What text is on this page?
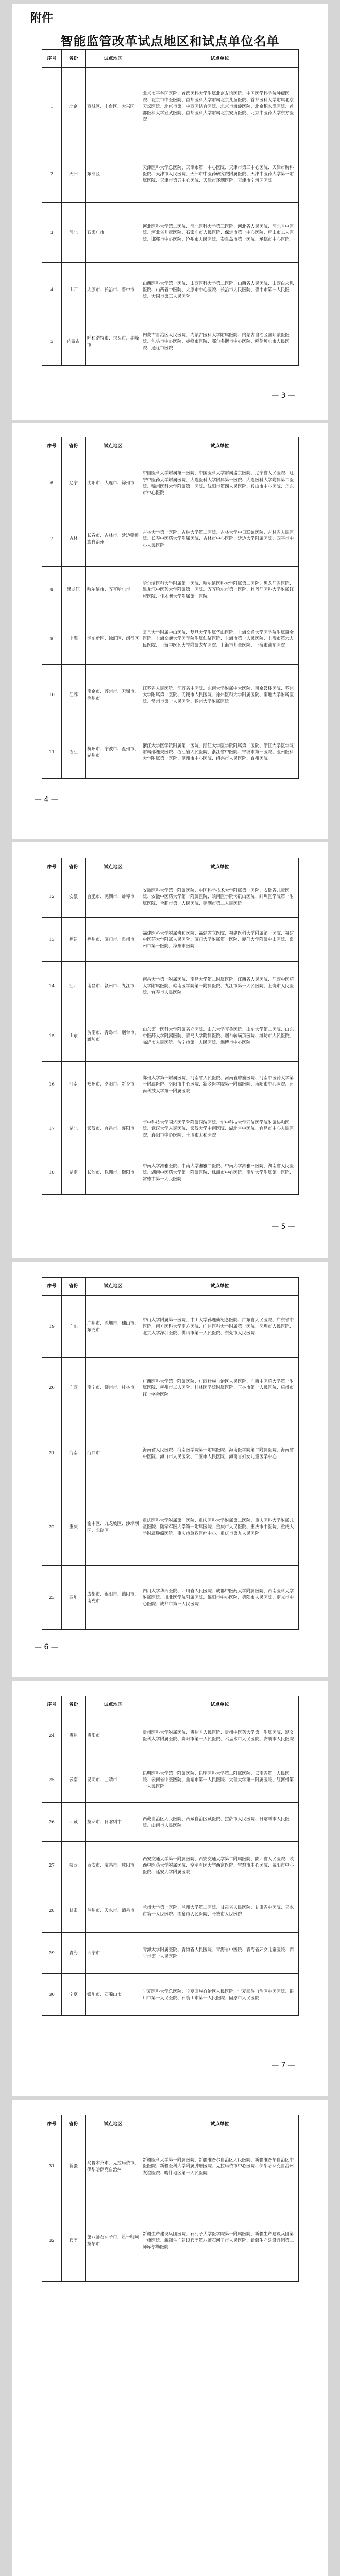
附件
智能监管改革试点地区和试点单位名单
序号	省份	试点地区	试点单位
1	北京	西城区、丰台区、大兴区	北京市平谷区医院、首都医科大学附属北京友谊医院、中国医学科学院肿瘤医院、北京市中医医院、首都医科大学附属北京儿童医院、首都医科大学附属北京天坛医院、北京市第一中西医结合医院、北京市海淀医院、北京积水潭医院、首都医科大学宣武医院、首都医科大学附属北京安贞医院、北京中医药大学东方医院
2	天津	东丽区	天津医科大学总医院、天津市第一中心医院、天津市第三中心医院、天津市胸科医院、天津市人民医院、天津市中医药研究院附属医院、天津中医药大学第一附属医院、天津市第五中心医院、天津市环湖医院、天津市宁河区医院
3	河北	石家庄市	河北医科大学第二医院、河北医科大学第三医院、河北省人民医院、河北省中医院、河北省儿童医院、石家庄市人民医院、保定市第一中心医院、唐山市工人医院、邯郸市中心医院、沧州市人民医院、秦皇岛市第一医院、承德市中心医院
4	山西	太原市、长治市、晋中市	山西医科大学第一医院、山西医科大学第二医院、山西省人民医院、山西白求恩医院、山西省中医院、太原市中心医院、长治市人民医院、晋中市第一人民医院、大同市第三人民医院
5	内蒙古	呼和浩特市、包头市、赤峰市	内蒙古自治区人民医院、内蒙古医科大学附属医院、内蒙古自治区国际蒙医医院、包头市中心医院、赤峰市医院、鄂尔多斯市中心医院、呼伦贝尔市人民医院、通辽市医院
— 3 —
序号	省份	试点地区	试点单位
6	辽宁	沈阳市、大连市、锦州市	中国医科大学附属第一医院、中国医科大学附属盛京医院、辽宁省人民医院、辽宁中医药大学附属医院、大连医科大学附属第一医院、大连医科大学附属第二医院、锦州医科大学附属第一医院、沈阳市第四人民医院、鞍山市中心医院、丹东市中心医院
7	吉林	长春市、吉林市、延边朝鲜族自治州	吉林大学第一医院、吉林大学第二医院、吉林大学中日联谊医院、吉林省人民医院、长春中医药大学附属医院、吉林市中心医院、延边大学附属医院、四平市中心人民医院
8	黑龙江	哈尔滨市、齐齐哈尔市	哈尔滨医科大学附属第一医院、哈尔滨医科大学附属第二医院、黑龙江省医院、黑龙江中医药大学附属第一医院、齐齐哈尔市第一医院、牡丹江医科大学附属红旗医院、佳木斯大学附属第一医院
9	上海	浦东新区、徐汇区、闵行区	复旦大学附属中山医院、复旦大学附属华山医院、上海交通大学医学院附属瑞金医院、上海交通大学医学院附属仁济医院、上海市第一人民医院、上海市第六人民医院、上海中医药大学附属龙华医院、上海市儿童医院、上海市浦东医院
10	江苏	南京市、苏州市、无锡市、徐州市	江苏省人民医院、江苏省中医院、东南大学附属中大医院、南京鼓楼医院、苏州大学附属第一医院、无锡市人民医院、徐州医科大学附属医院、南通大学附属医院、常州市第一人民医院、扬州大学附属医院
11	浙江	杭州市、宁波市、温州市、湖州市	浙江大学医学院附属第一医院、浙江大学医学院附属第二医院、浙江大学医学院附属邵逸夫医院、浙江省人民医院、浙江省中医院、宁波市第一医院、温州医科大学附属第一医院、湖州市中心医院、绍兴市人民医院、台州医院
— 4 —
序号	省份	试点地区	试点单位
12	安徽	合肥市、芜湖市、蚌埠市	安徽医科大学第一附属医院、中国科学技术大学附属第一医院、安徽省儿童医院、安徽中医药大学第一附属医院、皖南医学院弋矶山医院、蚌埠医学院第一附属医院、合肥市第一人民医院、芜湖市第二人民医院
13	福建	福州市、厦门市、泉州市	福建医科大学附属协和医院、福建省立医院、福建医科大学附属第一医院、福建中医药大学附属人民医院、厦门大学附属第一医院、厦门大学附属中山医院、泉州市第一医院、漳州市医院
14	江西	南昌市、赣州市、九江市	南昌大学第一附属医院、南昌大学第二附属医院、江西省人民医院、江西中医药大学附属医院、赣南医学院第一附属医院、九江市第一人民医院、上饶市人民医院、宜春市人民医院
15	山东	济南市、青岛市、烟台市、潍坊市	山东第一医科大学附属省立医院、山东大学齐鲁医院、山东大学第二医院、山东中医药大学附属医院、青岛大学附属医院、烟台毓璜顶医院、潍坊市人民医院、临沂市人民医院、济宁市第一人民医院、淄博市中心医院
16	河南	郑州市、洛阳市、新乡市	郑州大学第一附属医院、河南省人民医院、河南省肿瘤医院、河南中医药大学第一附属医院、洛阳市中心医院、新乡医学院第一附属医院、南阳市中心医院、河南科技大学第一附属医院
17	湖北	武汉市、宜昌市、襄阳市	华中科技大学同济医学院附属同济医院、华中科技大学同济医学院附属协和医院、武汉大学人民医院、武汉大学中南医院、湖北省中医院、宜昌市中心人民医院、襄阳市中心医院、十堰市太和医院
18	湖南	长沙市、株洲市、衡阳市	中南大学湘雅医院、中南大学湘雅二医院、中南大学湘雅三医院、湖南省人民医院、湖南中医药大学第一附属医院、株洲市中心医院、南华大学附属第一医院、常德市第一人民医院
— 5 —
序号	省份	试点地区	试点单位
19	广东	广州市、深圳市、佛山市、东莞市	中山大学附属第一医院、中山大学孙逸仙纪念医院、广东省人民医院、广东省中医院、南方医科大学南方医院、广州医科大学附属第一医院、深圳市人民医院、北京大学深圳医院、佛山市第一人民医院、东莞市人民医院
20	广西	南宁市、柳州市、桂林市	广西医科大学第一附属医院、广西壮族自治区人民医院、广西中医药大学第一附属医院、柳州市工人医院、桂林医学院附属医院、玉林市第一人民医院、梧州市红十字会医院
21	海南	海口市	海南省人民医院、海南医学院第一附属医院、海南医学院第二附属医院、海南省中医院、海口市人民医院、三亚市人民医院、海南省妇女儿童医学中心
22	重庆	渝中区、九龙坡区、沙坪坝区、北碚区	重庆医科大学附属第一医院、重庆医科大学附属第二医院、重庆医科大学附属儿童医院、陆军军医大学第一附属医院、重庆市人民医院、重庆市中医院、重庆大学附属肿瘤医院、重庆市急救医疗中心、重庆市第九人民医院
23	四川	成都市、绵阳市、德阳市、南充市	四川大学华西医院、四川省人民医院、成都中医药大学附属医院、西南医科大学附属医院、川北医学院附属医院、绵阳市中心医院、德阳市人民医院、南充市中心医院、成都市第三人民医院
— 6 —
序号	省份	试点地区	试点单位
24	贵州	贵阳市	贵州医科大学附属医院、贵州省人民医院、贵州中医药大学第一附属医院、遵义医科大学附属医院、贵阳市第一人民医院、六盘水市人民医院、安顺市人民医院
25	云南	昆明市、曲靖市	昆明医科大学第一附属医院、昆明医科大学第二附属医院、云南省第一人民医院、云南省中医医院、曲靖市第一人民医院、大理大学第一附属医院、红河州第一人民医院
26	西藏	拉萨市、日喀则市	西藏自治区人民医院、西藏自治区藏医院、拉萨市人民医院、日喀则市人民医院、山南市人民医院
27	陕西	西安市、宝鸡市、咸阳市	西安交通大学第一附属医院、西安交通大学第二附属医院、陕西省人民医院、陕西中医药大学附属医院、空军军医大学西京医院、宝鸡市中心医院、咸阳市中心医院、延安大学附属医院
28	甘肃	兰州市、天水市、酒泉市	兰州大学第一医院、兰州大学第二医院、甘肃省人民医院、甘肃省中医院、天水市第一人民医院、酒泉市人民医院、张掖市人民医院
29	青海	西宁市	青海大学附属医院、青海省人民医院、青海省中医院、青海省妇女儿童医院、西宁市第一人民医院
30	宁夏	银川市、石嘴山市	宁夏医科大学总医院、宁夏回族自治区人民医院、宁夏回族自治区中医医院、银川市第一人民医院、石嘴山市第一人民医院、固原市人民医院
— 7 —
序号	省份	试点地区	试点单位
31	新疆	乌鲁木齐市、克拉玛依市、伊犁哈萨克自治州	新疆医科大学第一附属医院、新疆维吾尔自治区人民医院、新疆维吾尔自治区中医医院、新疆医科大学附属肿瘤医院、克拉玛依市中心医院、伊犁哈萨克自治州友谊医院、喀什地区第一人民医院
32	兵团	第八师石河子市、第一师阿拉尔市	新疆生产建设兵团医院、石河子大学医学院第一附属医院、新疆生产建设兵团第一师医院、新疆生产建设兵团第八师石河子市人民医院、新疆生产建设兵团第二师库尔勒医院
